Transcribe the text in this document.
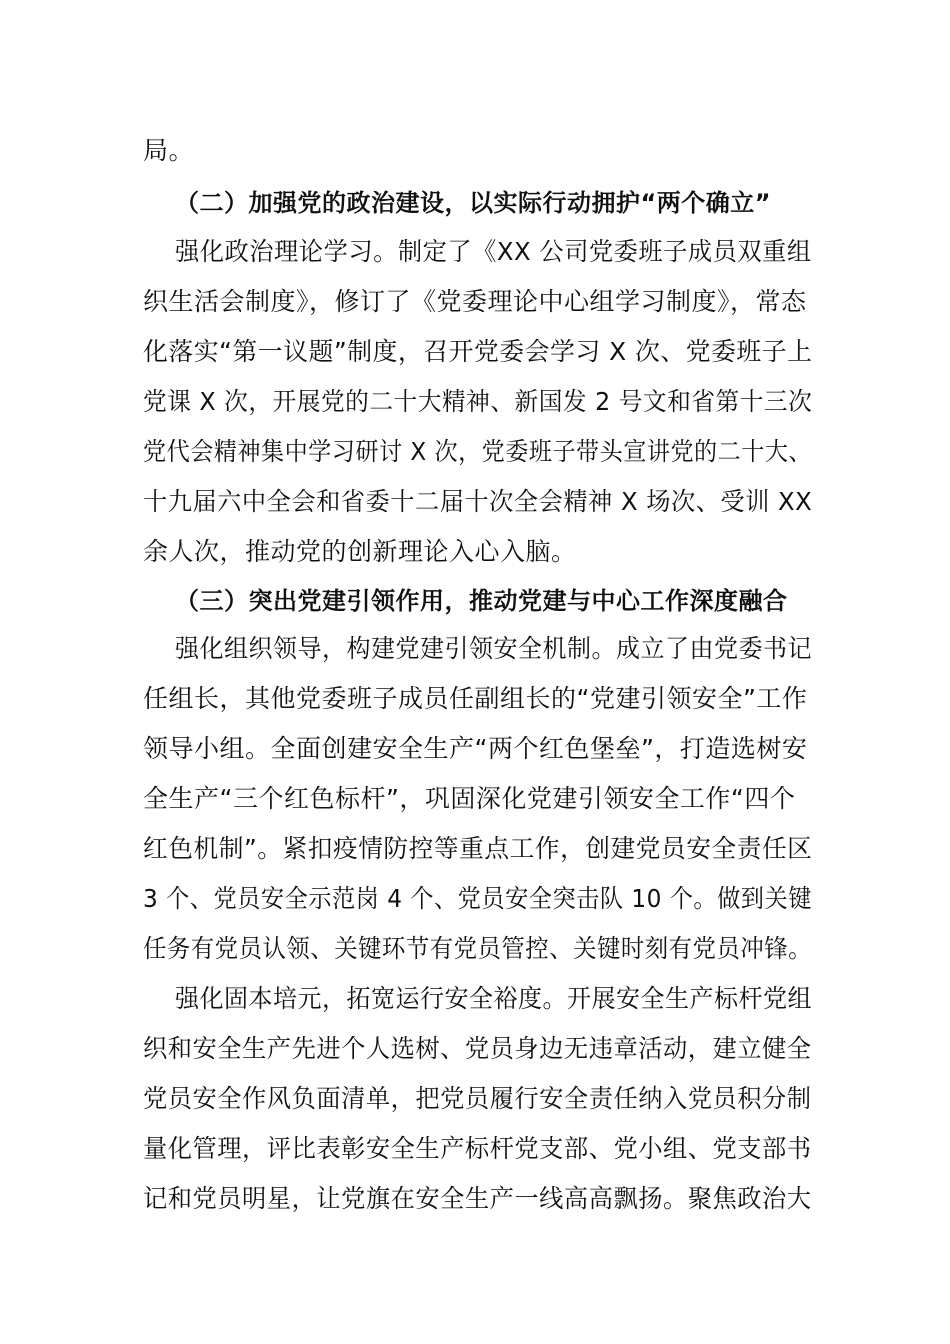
局。
（二）加强党的政治建设，以实际行动拥护“两个确立”
强化政治理论学习。制定了《XX 公司党委班子成员双重组
织生活会制度》，修订了《党委理论中心组学习制度》，常态
化落实“第一议题”制度，召开党委会学习 X 次、党委班子上
党课 X 次，开展党的二十大精神、新国发 2 号文和省第十三次
党代会精神集中学习研讨 X 次，党委班子带头宣讲党的二十大、
十九届六中全会和省委十二届十次全会精神 X 场次、受训 XX
余人次，推动党的创新理论入心入脑。
（三）突出党建引领作用，推动党建与中心工作深度融合
强化组织领导，构建党建引领安全机制。成立了由党委书记
任组长，其他党委班子成员任副组长的“党建引领安全”工作
领导小组。全面创建安全生产“两个红色堡垒”，打造选树安
全生产“三个红色标杆”，巩固深化党建引领安全工作“四个
红色机制”。紧扣疫情防控等重点工作，创建党员安全责任区
3 个、党员安全示范岗 4 个、党员安全突击队 10 个。做到关键
任务有党员认领、关键环节有党员管控、关键时刻有党员冲锋。
强化固本培元，拓宽运行安全裕度。开展安全生产标杆党组
织和安全生产先进个人选树、党员身边无违章活动，建立健全
党员安全作风负面清单，把党员履行安全责任纳入党员积分制
量化管理，评比表彰安全生产标杆党支部、党小组、党支部书
记和党员明星，让党旗在安全生产一线高高飘扬。聚焦政治大
